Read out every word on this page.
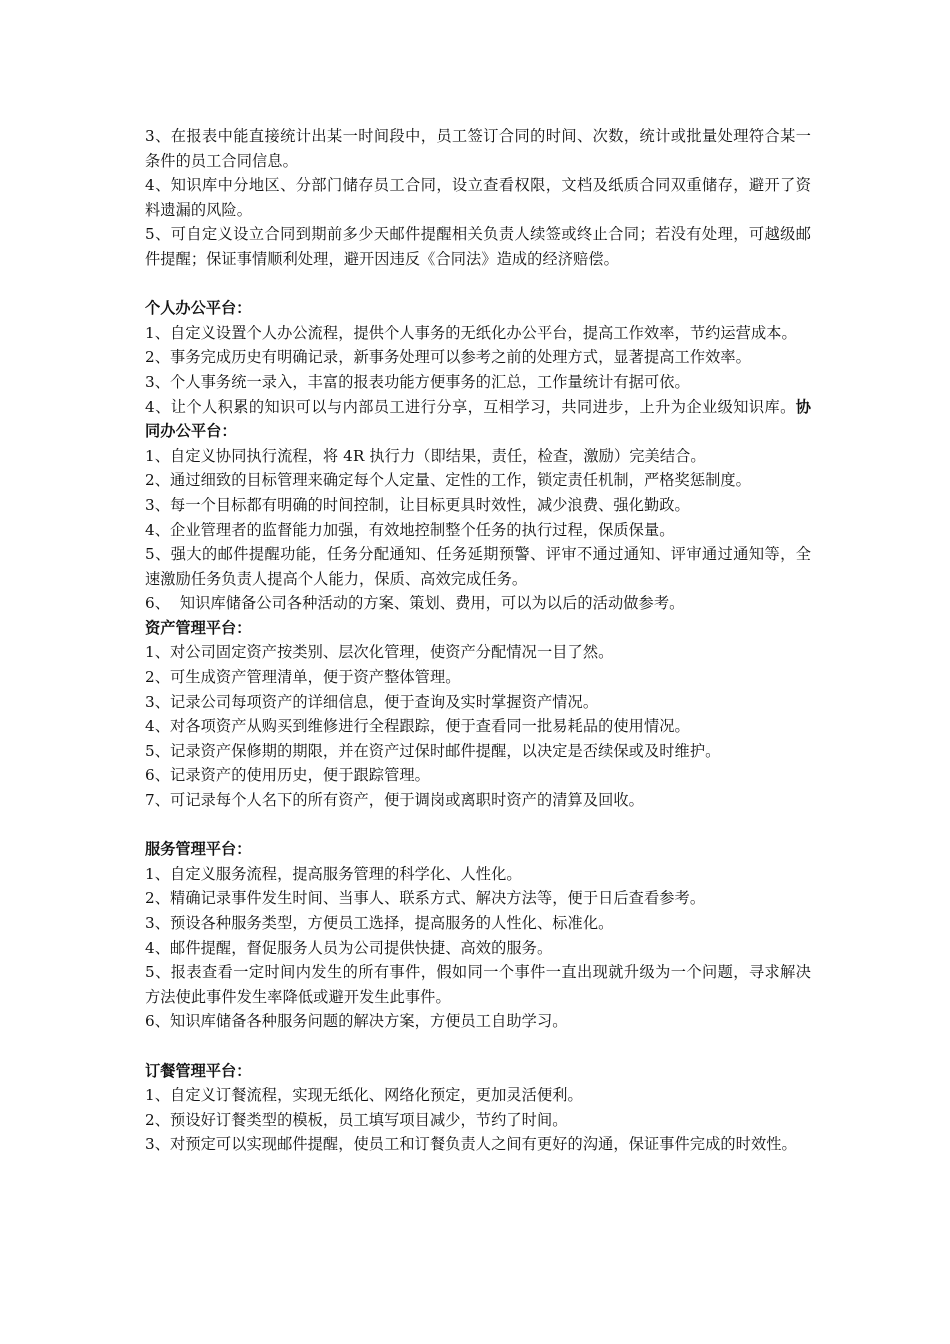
3、在报表中能直接统计出某一时间段中，员工签订合同的时间、次数，统计或批量处理符合某一条件的员工合同信息。

4、知识库中分地区、分部门储存员工合同，设立查看权限，文档及纸质合同双重储存，避开了资料遗漏的风险。

5、可自定义设立合同到期前多少天邮件提醒相关负责人续签或终止合同；若没有处理，可越级邮件提醒；保证事情顺利处理，避开因违反《合同法》造成的经济赔偿。

个人办公平台：

1、自定义设置个人办公流程，提供个人事务的无纸化办公平台，提高工作效率，节约运营成本。

2、事务完成历史有明确记录，新事务处理可以参考之前的处理方式，显著提高工作效率。

3、个人事务统一录入，丰富的报表功能方便事务的汇总，工作量统计有据可依。

4、让个人积累的知识可以与内部员工进行分享，互相学习，共同进步，上升为企业级知识库。协同办公平台：

1、自定义协同执行流程，将 4R 执行力（即结果，责任，检查，激励）完美结合。

2、通过细致的目标管理来确定每个人定量、定性的工作，锁定责任机制，严格奖惩制度。

3、每一个目标都有明确的时间控制，让目标更具时效性，减少浪费、强化勤政。

4、企业管理者的监督能力加强，有效地控制整个任务的执行过程，保质保量。

5、强大的邮件提醒功能，任务分配通知、任务延期预警、评审不通过通知、评审通过通知等，全速激励任务负责人提高个人能力，保质、高效完成任务。

6、  知识库储备公司各种活动的方案、策划、费用，可以为以后的活动做参考。

资产管理平台：

1、对公司固定资产按类别、层次化管理，使资产分配情况一目了然。

2、可生成资产管理清单，便于资产整体管理。

3、记录公司每项资产的详细信息，便于查询及实时掌握资产情况。

4、对各项资产从购买到维修进行全程跟踪，便于查看同一批易耗品的使用情况。

5、记录资产保修期的期限，并在资产过保时邮件提醒，以决定是否续保或及时维护。

6、记录资产的使用历史，便于跟踪管理。

7、可记录每个人名下的所有资产，便于调岗或离职时资产的清算及回收。

服务管理平台：

1、自定义服务流程，提高服务管理的科学化、人性化。

2、精确记录事件发生时间、当事人、联系方式、解决方法等，便于日后查看参考。

3、预设各种服务类型，方便员工选择，提高服务的人性化、标准化。

4、邮件提醒，督促服务人员为公司提供快捷、高效的服务。

5、报表查看一定时间内发生的所有事件，假如同一个事件一直出现就升级为一个问题，寻求解决方法使此事件发生率降低或避开发生此事件。

6、知识库储备各种服务问题的解决方案，方便员工自助学习。

订餐管理平台：

1、自定义订餐流程，实现无纸化、网络化预定，更加灵活便利。

2、预设好订餐类型的模板，员工填写项目减少，节约了时间。

3、对预定可以实现邮件提醒，使员工和订餐负责人之间有更好的沟通，保证事件完成的时效性。
